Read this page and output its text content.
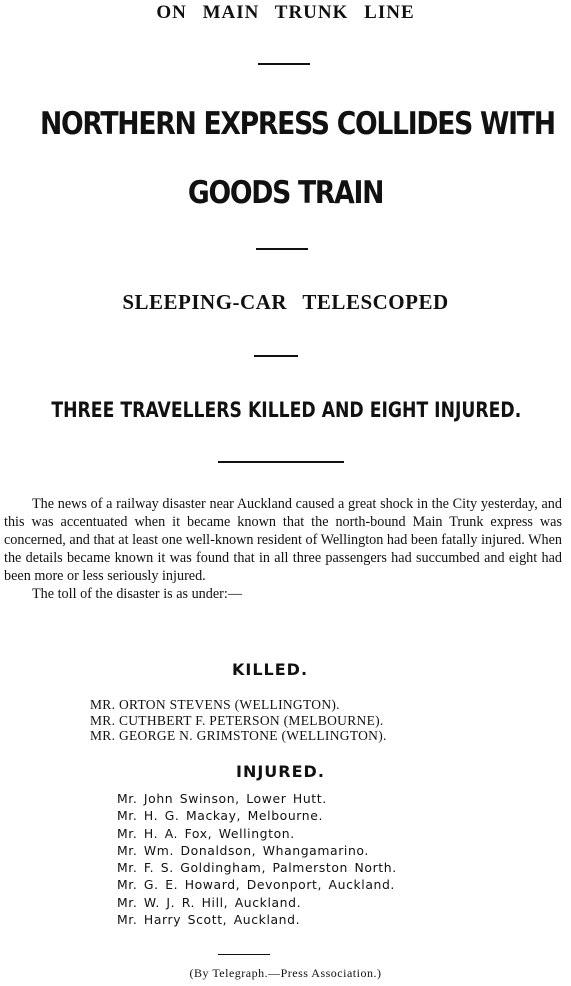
ON MAIN TRUNK LINE
NORTHERN EXPRESS COLLIDES WITH
GOODS TRAIN
SLEEPING-CAR TELESCOPED
THREE TRAVELLERS KILLED AND EIGHT INJURED.

The news of a railway disaster near Auckland caused a great shock in the City yesterday, and this was accentuated when it became known that the north-bound Main Trunk express was concerned, and that at least one well-known resident of Wellington had been fatally injured. When the details became known it was found that in all three passengers had succumbed and eight had been more or less seriously injured.

The toll of the disaster is as under:—

KILLED.
MR. ORTON STEVENS (WELLINGTON).
MR. CUTHBERT F. PETERSON (MELBOURNE).
MR. GEORGE N. GRIMSTONE (WELLINGTON).
INJURED.
Mr. John Swinson, Lower Hutt.
Mr. H. G. Mackay, Melbourne.
Mr. H. A. Fox, Wellington.
Mr. Wm. Donaldson, Whangamarino.
Mr. F. S. Goldingham, Palmerston North.
Mr. G. E. Howard, Devonport, Auckland.
Mr. W. J. R. Hill, Auckland.
Mr. Harry Scott, Auckland.
(By Telegraph.—Press Association.)
